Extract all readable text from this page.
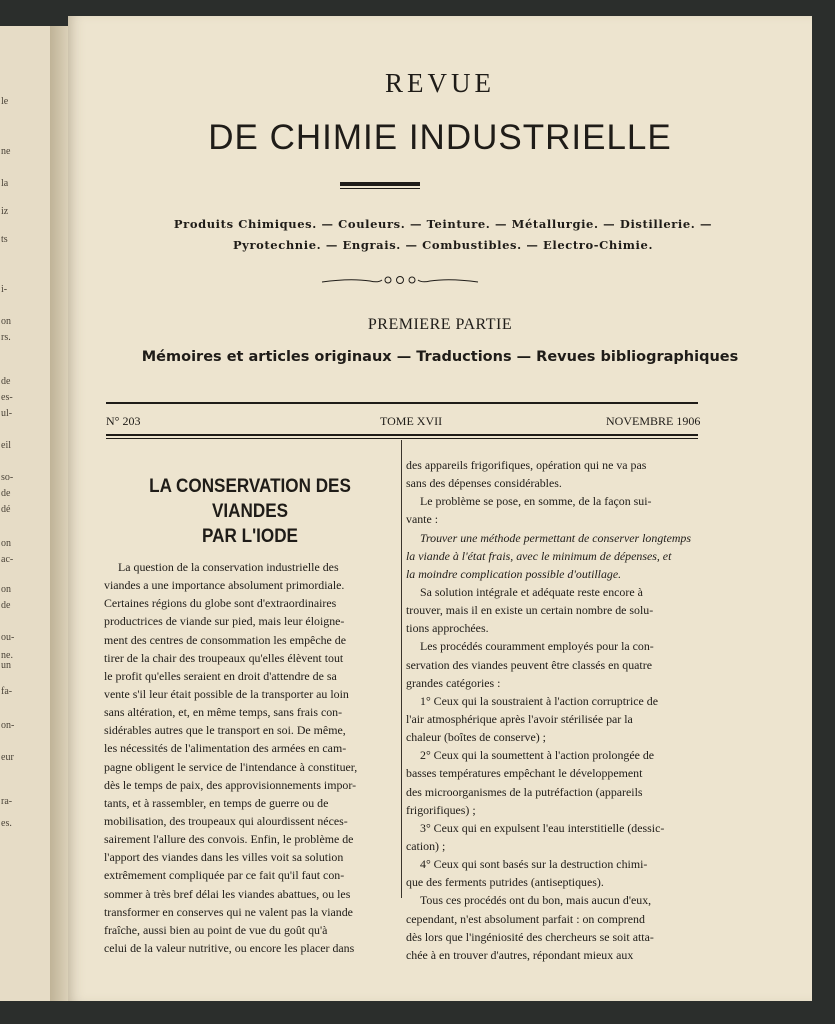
le
ne
la
iz
ts
i-
on
rs.
de
es-
ul-
eil
so-
de
dé
on
ac-
on
de
ou-
ne.
un
fa-
on-
eur
ra-
es.
REVUE
DE CHIMIE INDUSTRIELLE
Produits Chimiques. — Couleurs. — Teinture. — Métallurgie. — Distillerie. —
Pyrotechnie. — Engrais. — Combustibles. — Electro-Chimie.
PREMIERE PARTIE
Mémoires et articles originaux — Traductions — Revues bibliographiques
N° 203	TOME XVII	NOVEMBRE 1906
LA CONSERVATION DES VIANDES
PAR L'IODE
La question de la conservation industrielle des
viandes a une importance absolument primordiale.
Certaines régions du globe sont d'extraordinaires
productrices de viande sur pied, mais leur éloigne-
ment des centres de consommation les empêche de
tirer de la chair des troupeaux qu'elles élèvent tout
le profit qu'elles seraient en droit d'attendre de sa
vente s'il leur était possible de la transporter au loin
sans altération, et, en même temps, sans frais con-
sidérables autres que le transport en soi. De même,
les nécessités de l'alimentation des armées en cam-
pagne obligent le service de l'intendance à constituer,
dès le temps de paix, des approvisionnements impor-
tants, et à rassembler, en temps de guerre ou de
mobilisation, des troupeaux qui alourdissent néces-
sairement l'allure des convois. Enfin, le problème de
l'apport des viandes dans les villes voit sa solution
extrêmement compliquée par ce fait qu'il faut con-
sommer à très bref délai les viandes abattues, ou les
transformer en conserves qui ne valent pas la viande
fraîche, aussi bien au point de vue du goût qu'à
celui de la valeur nutritive, ou encore les placer dans
des appareils frigorifiques, opération qui ne va pas
sans des dépenses considérables.
Le problème se pose, en somme, de la façon sui-
vante :
Trouver une méthode permettant de conserver longtemps
la viande à l'état frais, avec le minimum de dépenses, et
la moindre complication possible d'outillage.
Sa solution intégrale et adéquate reste encore à
trouver, mais il en existe un certain nombre de solu-
tions approchées.
Les procédés couramment employés pour la con-
servation des viandes peuvent être classés en quatre
grandes catégories :
1° Ceux qui la soustraient à l'action corruptrice de
l'air atmosphérique après l'avoir stérilisée par la
chaleur (boîtes de conserve) ;
2° Ceux qui la soumettent à l'action prolongée de
basses températures empêchant le développement
des microorganismes de la putréfaction (appareils
frigorifiques) ;
3° Ceux qui en expulsent l'eau interstitielle (dessic-
cation) ;
4° Ceux qui sont basés sur la destruction chimi-
que des ferments putrides (antiseptiques).
Tous ces procédés ont du bon, mais aucun d'eux,
cependant, n'est absolument parfait : on comprend
dès lors que l'ingéniosité des chercheurs se soit atta-
chée à en trouver d'autres, répondant mieux aux
